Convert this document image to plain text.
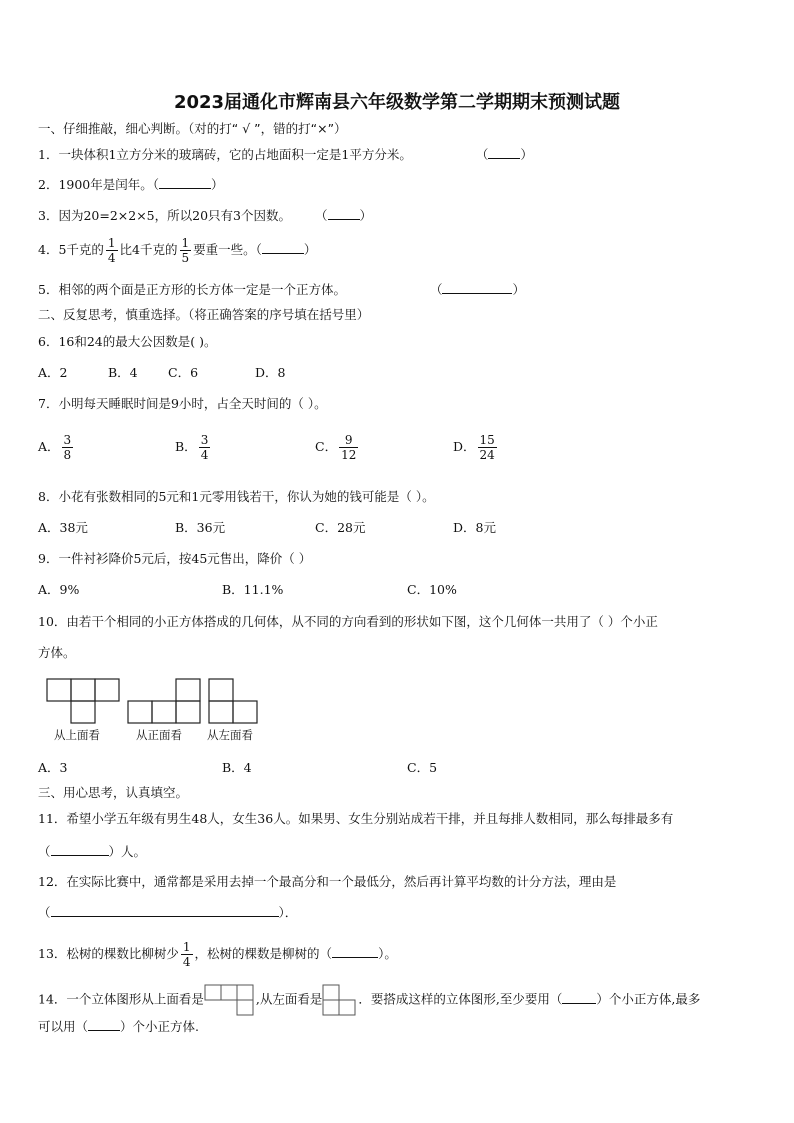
2023届通化市辉南县六年级数学第二学期期末预测试题
一、仔细推敲，细心判断。（对的打“ √ ”，错的打“×”）
1．一块体积1立方分米的玻璃砖，它的占地面积一定是1平方分米。	（	）
2．1900年是闰年。（	）
3．因为20=2×2×5，所以20只有3个因数。 （	）
4．5千克的 $\frac{1}{4}$ 比4千克的 $\frac{1}{5}$ 要重一些。（	）
5．相邻的两个面是正方形的长方体一定是一个正方体。	（	）
二、反复思考，慎重选择。（将正确答案的序号填在括号里）
6．16和24的最大公因数是( )。
A．2	B．4 C．6	D．8
7．小明每天睡眠时间是9小时，占全天时间的（ ）。
A． $\frac{3}{8}$	B． $\frac{3}{4}$	C． $\frac{9}{12}$	D． $\frac{15}{24}$
8．小花有张数相同的5元和1元零用钱若干，你认为她的钱可能是（ ）。
A．38元	B．36元	C．28元	D．8元
9．一件衬衫降价5元后，按45元售出，降价（ ）
A．9%	B．11.1%	C．10%
10．由若干个相同的小正方体搭成的几何体，从不同的方向看到的形状如下图，这个几何体一共用了（ ）个小正
方体。
从上面看	从正面看 从左面看
A．3	B．4	C．5
三、用心思考，认真填空。
11．希望小学五年级有男生48人，女生36人。如果男、女生分别站成若干排，并且每排人数相同，那么每排最多有
（	）人。
12．在实际比赛中，通常都是采用去掉一个最高分和一个最低分，然后再计算平均数的计分方法，理由是
（	）．
13．松树的棵数比柳树少 $\frac{1}{4}$ ，松树的棵数是柳树的（	）。
14．一个立体图形从上面看是	,从左面看是	．要搭成这样的立体图形,至少要用（	）个小正方体,最多
可以用（	）个小正方体.
